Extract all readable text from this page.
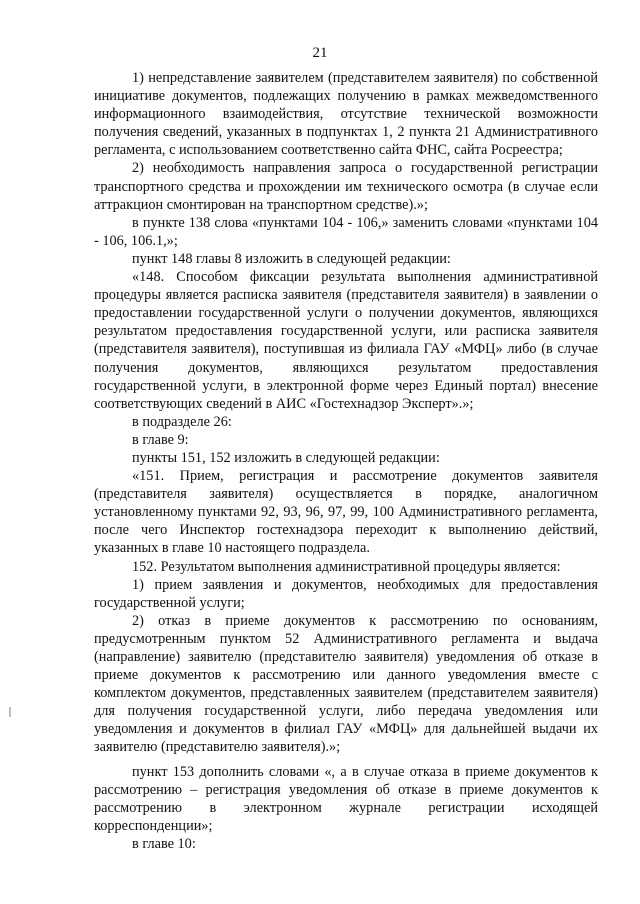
21

1) непредставление заявителем (представителем заявителя) по собственной инициативе документов, подлежащих получению в рамках межведомственного информационного взаимодействия, отсутствие технической возможности получения сведений, указанных в подпунктах 1, 2 пункта 21 Административного регламента, с использованием соответственно сайта ФНС, сайта Росреестра;

2) необходимость направления запроса о государственной регистрации транспортного средства и прохождении им технического осмотра (в случае если аттракцион смонтирован на транспортном средстве).»;

в пункте 138 слова «пунктами 104 - 106,» заменить словами «пунктами 104 - 106, 106.1,»;

пункт 148 главы 8 изложить в следующей редакции:

«148. Способом фиксации результата выполнения административной процедуры является расписка заявителя (представителя заявителя) в заявлении о предоставлении государственной услуги о получении документов, являющихся результатом предоставления государственной услуги, или расписка заявителя (представителя заявителя), поступившая из филиала ГАУ «МФЦ» либо (в случае получения документов, являющихся результатом предоставления государственной услуги, в электронной форме через Единый портал) внесение соответствующих сведений в АИС «Гостехнадзор Эксперт».»;

в подразделе 26:

в главе 9:

пункты 151, 152 изложить в следующей редакции:

«151. Прием, регистрация и рассмотрение документов заявителя (представителя заявителя) осуществляется в порядке, аналогичном установленному пунктами 92, 93, 96, 97, 99, 100 Административного регламента, после чего Инспектор гостехнадзора переходит к выполнению действий, указанных в главе 10 настоящего подраздела.

152. Результатом выполнения административной процедуры является:

1) прием заявления и документов, необходимых для предоставления государственной услуги;

2) отказ в приеме документов к рассмотрению по основаниям, предусмотренным пунктом 52 Административного регламента и выдача (направление) заявителю (представителю заявителя) уведомления об отказе в приеме документов к рассмотрению или данного уведомления вместе с комплектом документов, представленных заявителем (представителем заявителя) для получения государственной услуги, либо передача уведомления или уведомления и документов в филиал ГАУ «МФЦ» для дальнейшей выдачи их заявителю (представителю заявителя).»;

пункт 153 дополнить словами «, а в случае отказа в приеме документов к рассмотрению – регистрация уведомления об отказе в приеме документов к рассмотрению в электронном журнале регистрации исходящей корреспонденции»;

в главе 10:
